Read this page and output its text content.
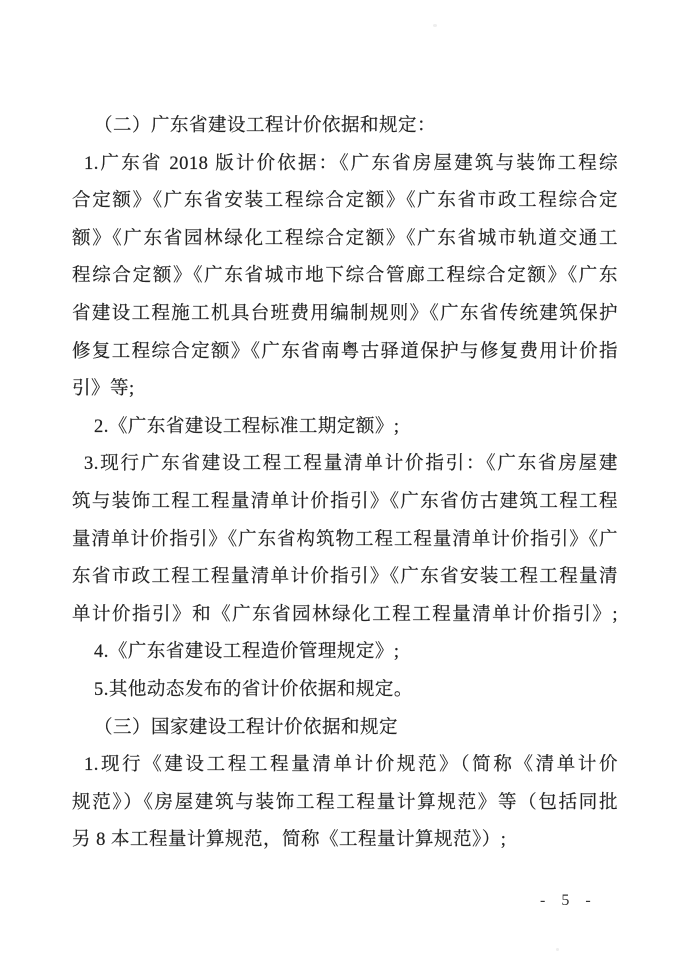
（二）广东省建设工程计价依据和规定：
1.广东省 2018 版计价依据：《广东省房屋建筑与装饰工程综
合定额》《广东省安装工程综合定额》《广东省市政工程综合定
额》《广东省园林绿化工程综合定额》《广东省城市轨道交通工
程综合定额》《广东省城市地下综合管廊工程综合定额》《广东
省建设工程施工机具台班费用编制规则》《广东省传统建筑保护
修复工程综合定额》《广东省南粤古驿道保护与修复费用计价指
引》等;
2.《广东省建设工程标准工期定额》;
3.现行广东省建设工程工程量清单计价指引：《广东省房屋建
筑与装饰工程工程量清单计价指引》《广东省仿古建筑工程工程
量清单计价指引》《广东省构筑物工程工程量清单计价指引》《广
东省市政工程工程量清单计价指引》《广东省安装工程工程量清
单计价指引》和《广东省园林绿化工程工程量清单计价指引》;
4.《广东省建设工程造价管理规定》;
5.其他动态发布的省计价依据和规定。
（三）国家建设工程计价依据和规定
1.现行《建设工程工程量清单计价规范》（简称《清单计价
规范》）《房屋建筑与装饰工程工程量计算规范》等（包括同批
另 8 本工程量计算规范，简称《工程量计算规范》）;
- 5 -
